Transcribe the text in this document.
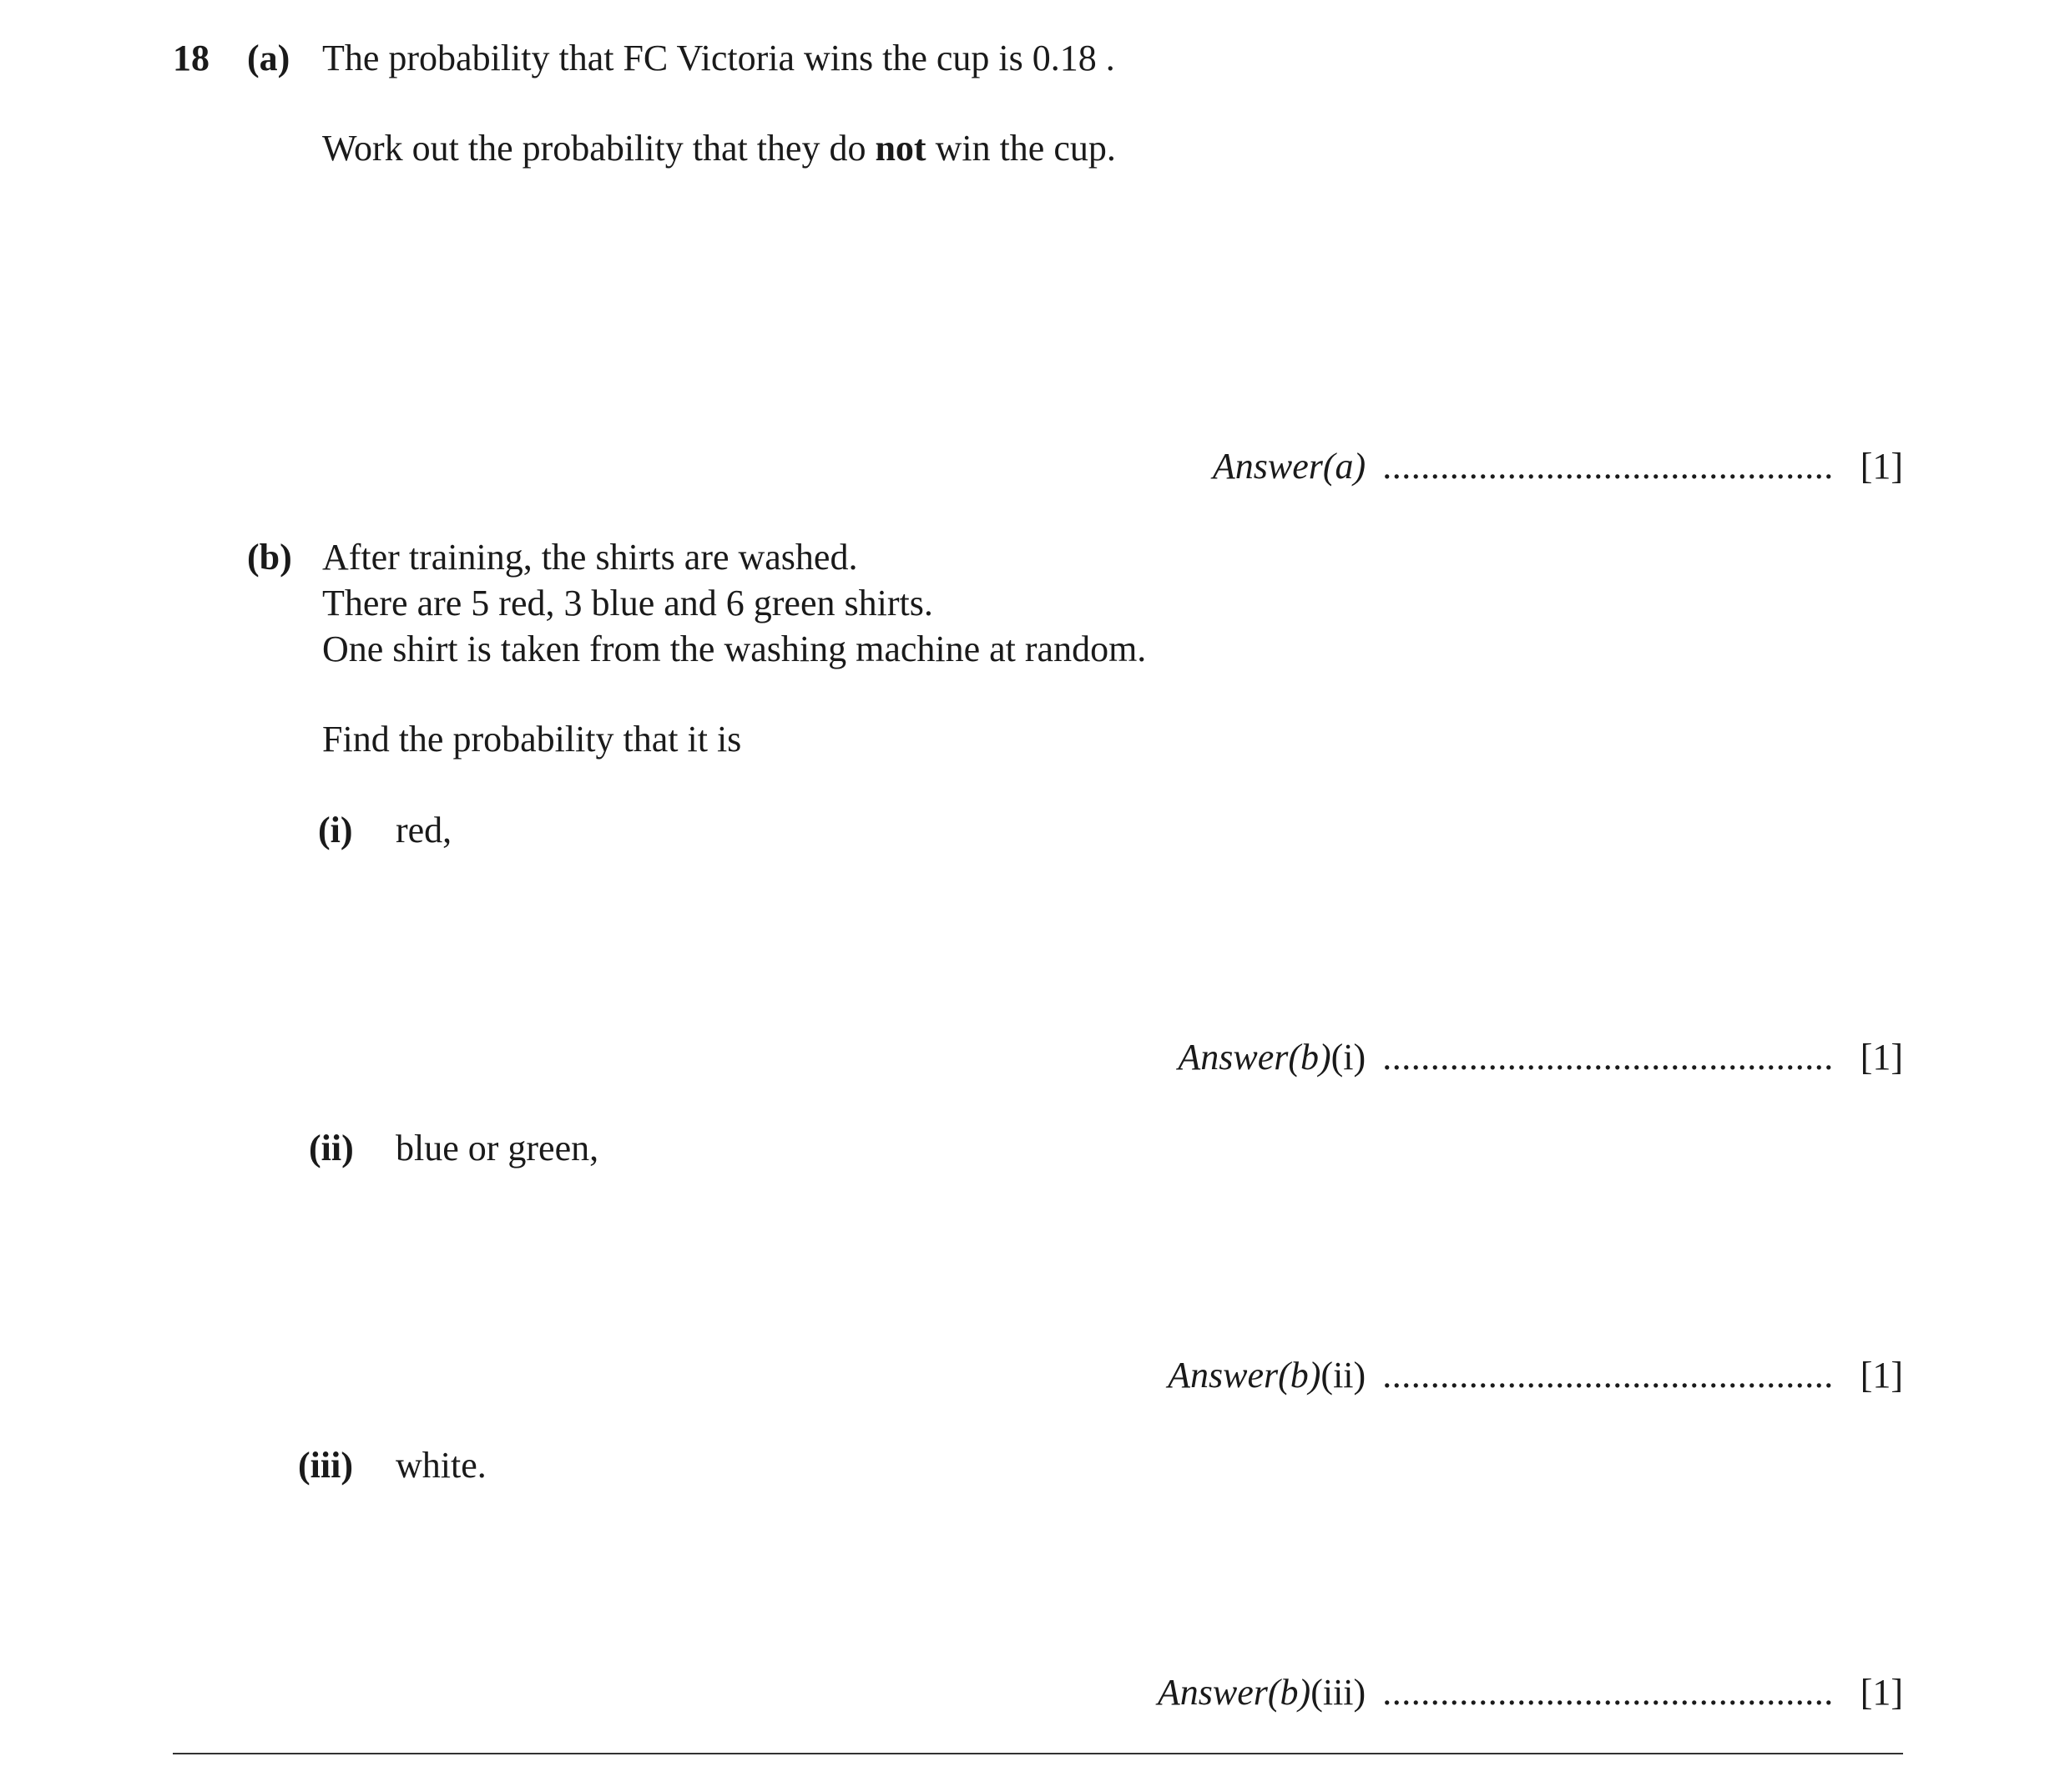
18 (a) The probability that FC Victoria wins the cup is 0.18 .
Work out the probability that they do not win the cup.
Answer(a) ............................................... [1]
(b) After training, the shirts are washed.
There are 5 red, 3 blue and 6 green shirts.
One shirt is taken from the washing machine at random.
Find the probability that it is
(i) red,
Answer(b)(i) ............................................... [1]
(ii) blue or green,
Answer(b)(ii) ............................................... [1]
(iii) white.
Answer(b)(iii) ............................................... [1]
